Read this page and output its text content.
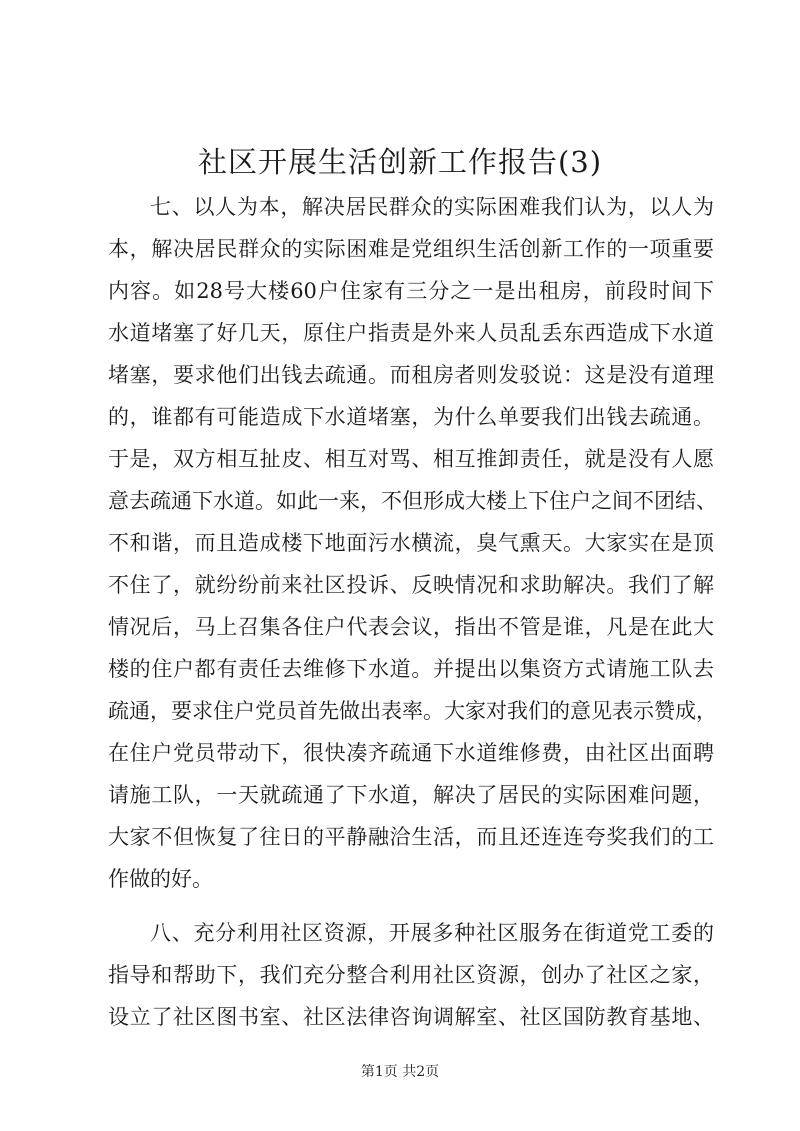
社区开展生活创新工作报告(3)
七、以人为本，解决居民群众的实际困难我们认为，以人为
本，解决居民群众的实际困难是党组织生活创新工作的一项重要
内容。如28号大楼60户住家有三分之一是出租房，前段时间下
水道堵塞了好几天，原住户指责是外来人员乱丢东西造成下水道
堵塞，要求他们出钱去疏通。而租房者则发驳说：这是没有道理
的，谁都有可能造成下水道堵塞，为什么单要我们出钱去疏通。
于是，双方相互扯皮、相互对骂、相互推卸责任，就是没有人愿
意去疏通下水道。如此一来，不但形成大楼上下住户之间不团结、
不和谐，而且造成楼下地面污水横流，臭气熏天。大家实在是顶
不住了，就纷纷前来社区投诉、反映情况和求助解决。我们了解
情况后，马上召集各住户代表会议，指出不管是谁，凡是在此大
楼的住户都有责任去维修下水道。并提出以集资方式请施工队去
疏通，要求住户党员首先做出表率。大家对我们的意见表示赞成，
在住户党员带动下，很快凑齐疏通下水道维修费，由社区出面聘
请施工队，一天就疏通了下水道，解决了居民的实际困难问题，
大家不但恢复了往日的平静融洽生活，而且还连连夸奖我们的工
作做的好。
八、充分利用社区资源，开展多种社区服务在街道党工委的
指导和帮助下，我们充分整合利用社区资源，创办了社区之家，
设立了社区图书室、社区法律咨询调解室、社区国防教育基地、
第1页 共2页
